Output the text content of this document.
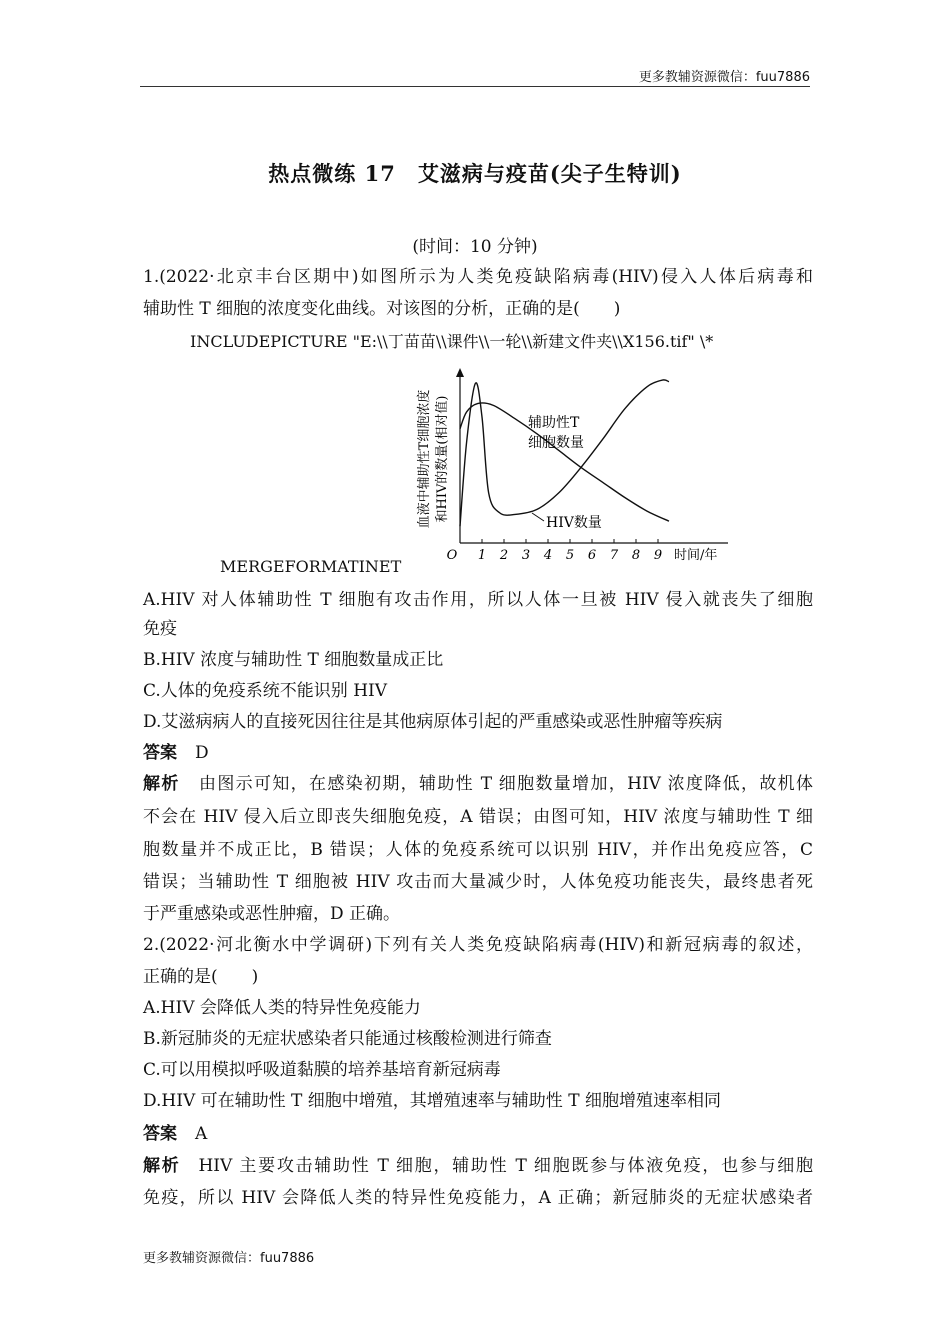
更多教辅资源微信：fuu7886
热点微练 17　艾滋病与疫苗(尖子生特训)
(时间：10 分钟)
1.(2022·北京丰台区期中)如图所示为人类免疫缺陷病毒(HIV)侵入人体后病毒和
辅助性 T 细胞的浓度变化曲线。对该图的分析，正确的是(　　)
INCLUDEPICTURE "E:\\丁苗苗\\课件\\一轮\\新建文件夹\\X156.tif" \*
O 1 2 3 4 5 6 7 8 9 时间/年
血液中辅助性T细胞浓度 和HIV的数量(相对值)	辅助性T
细胞数量
HIV数量
MERGEFORMATINET
A.HIV 对人体辅助性 T 细胞有攻击作用，所以人体一旦被 HIV 侵入就丧失了细胞
免疫
B.HIV 浓度与辅助性 T 细胞数量成正比
C.人体的免疫系统不能识别 HIV
D.艾滋病病人的直接死因往往是其他病原体引起的严重感染或恶性肿瘤等疾病
答案 D
解析 由图示可知，在感染初期，辅助性 T 细胞数量增加，HIV 浓度降低，故机体
不会在 HIV 侵入后立即丧失细胞免疫，A 错误；由图可知，HIV 浓度与辅助性 T 细
胞数量并不成正比，B 错误；人体的免疫系统可以识别 HIV，并作出免疫应答，C
错误；当辅助性 T 细胞被 HIV 攻击而大量减少时，人体免疫功能丧失，最终患者死
于严重感染或恶性肿瘤，D 正确。
2.(2022·河北衡水中学调研)下列有关人类免疫缺陷病毒(HIV)和新冠病毒的叙述，
正确的是(　　)
A.HIV 会降低人类的特异性免疫能力
B.新冠肺炎的无症状感染者只能通过核酸检测进行筛查
C.可以用模拟呼吸道黏膜的培养基培育新冠病毒
D.HIV 可在辅助性 T 细胞中增殖，其增殖速率与辅助性 T 细胞增殖速率相同
答案 A
解析 HIV 主要攻击辅助性 T 细胞，辅助性 T 细胞既参与体液免疫，也参与细胞
免疫，所以 HIV 会降低人类的特异性免疫能力，A 正确；新冠肺炎的无症状感染者
更多教辅资源微信：fuu7886
